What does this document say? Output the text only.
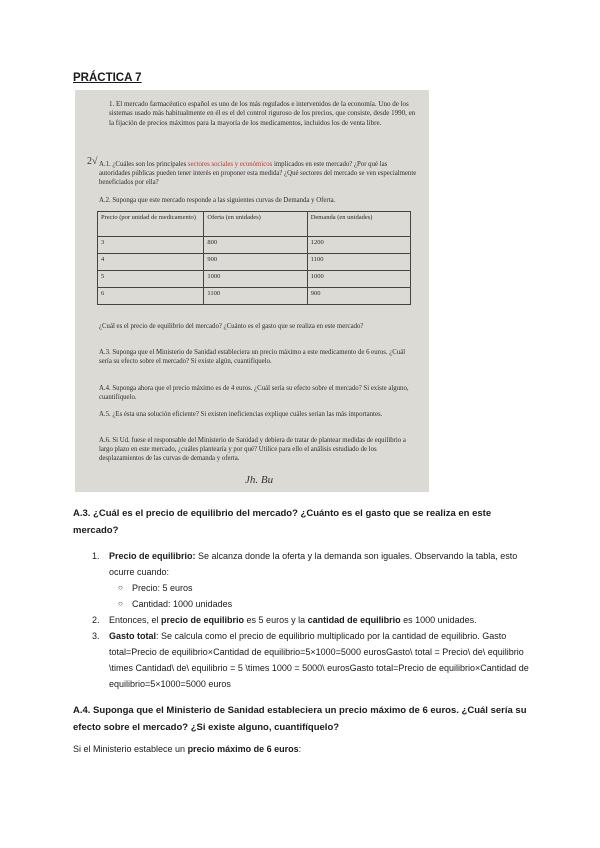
PRÁCTICA 7
1. El mercado farmacéutico español es uno de los más regulados e intervenidos de la economía. Uno de los sistemas usado más habitualmente en él es el del control riguroso de los precios, que consiste, desde 1990, en la fijación de precios máximos para la mayoría de los medicamentos, incluidos los de venta libre.
2√ A.1. ¿Cuáles son los principales sectores sociales y económicos implicados en este mercado? ¿Por qué las autoridades públicas pueden tener interés en proponer esta medida? ¿Qué sectores del mercado se ven especialmente beneficiados por ella?
A.2. Suponga que este mercado responde a las siguientes curvas de Demanda y Oferta.
Precio (por unidad de medicamento)	Oferta (en unidades)	Demanda (en unidades)
3	800	1200
4	900	1100
5	1000	1000
6	1100	900
¿Cuál es el precio de equilibrio del mercado? ¿Cuánto es el gasto que se realiza en este mercado?
A.3. Suponga que el Ministerio de Sanidad estableciera un precio máximo a este medicamento de 6 euros. ¿Cuál sería su efecto sobre el mercado? Si existe algún, cuantifíquelo.
A.4. Suponga ahora que el precio máximo es de 4 euros. ¿Cuál sería su efecto sobre el mercado? Si existe alguno, cuantifíquelo.
A.5. ¿Es ésta una solución eficiente? Si existen ineficiencias explique cuáles serían las más importantes.
A.6. Si Ud. fuese el responsable del Ministerio de Sanidad y debiera de tratar de plantear medidas de equilibrio a largo plazo en este mercado, ¿cuáles plantearía y por qué? Utilice para ello el análisis estudiado de los desplazamientos de las curvas de demanda y oferta.
Jh. Bu
A.3. ¿Cuál es el precio de equilibrio del mercado? ¿Cuánto es el gasto que se realiza en este mercado?
1. Precio de equilibrio: Se alcanza donde la oferta y la demanda son iguales. Observando la tabla, esto ocurre cuando:
○ Precio: 5 euros
○ Cantidad: 1000 unidades
2. Entonces, el precio de equilibrio es 5 euros y la cantidad de equilibrio es 1000 unidades.
3. Gasto total: Se calcula como el precio de equilibrio multiplicado por la cantidad de equilibrio. Gasto total=Precio de equilibrio×Cantidad de equilibrio=5×1000=5000 eurosGasto\ total = Precio\ de\ equilibrio \times Cantidad\ de\ equilibrio = 5 \times 1000 = 5000\ eurosGasto total=Precio de equilibrio×Cantidad de equilibrio=5×1000=5000 euros
A.4. Suponga que el Ministerio de Sanidad estableciera un precio máximo de 6 euros. ¿Cuál sería su efecto sobre el mercado? ¿Si existe alguno, cuantifíquelo?
Si el Ministerio establece un precio máximo de 6 euros:
